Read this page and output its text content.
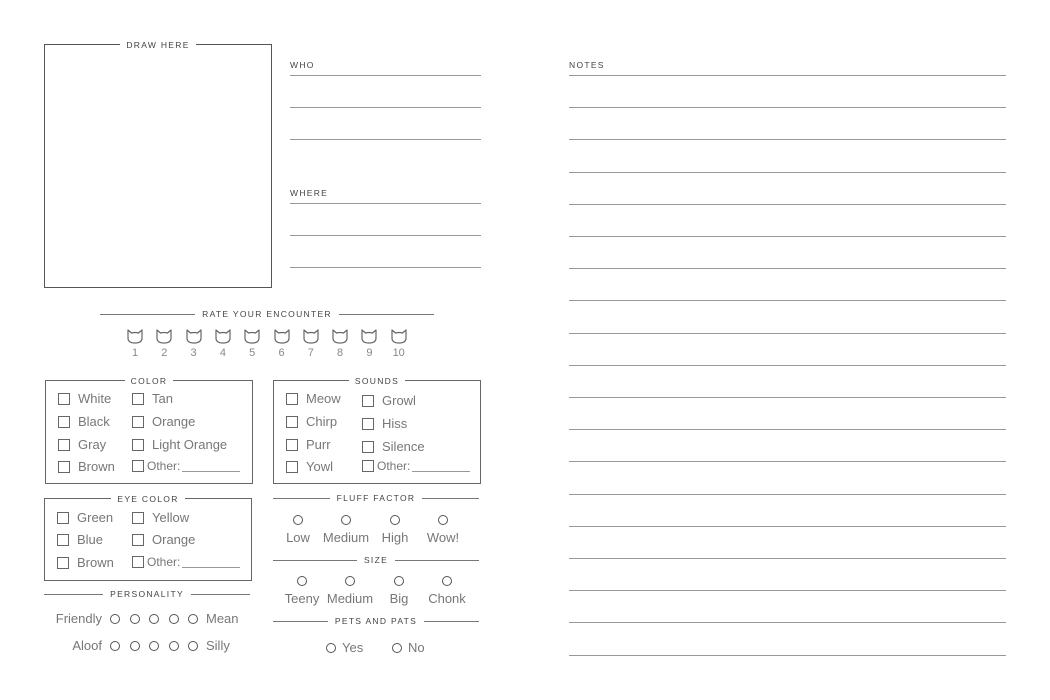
DRAW HERE
WHO
WHERE
NOTES
RATE YOUR ENCOUNTER
1 2 3 4 5 6 7 8 9 10
COLOR
White
Black
Gray
Brown
Tan
Orange
Light Orange
Other:
SOUNDS
Meow
Chirp
Purr
Yowl
Growl
Hiss
Silence
Other:
EYE COLOR
Green
Blue
Brown
Yellow
Orange
Other:
FLUFF FACTOR
Low Medium High Wow!
SIZE
Teeny Medium Big Chonk
PETS AND PATS
Yes	No
PERSONALITY
Friendly	Mean
Aloof	Silly
